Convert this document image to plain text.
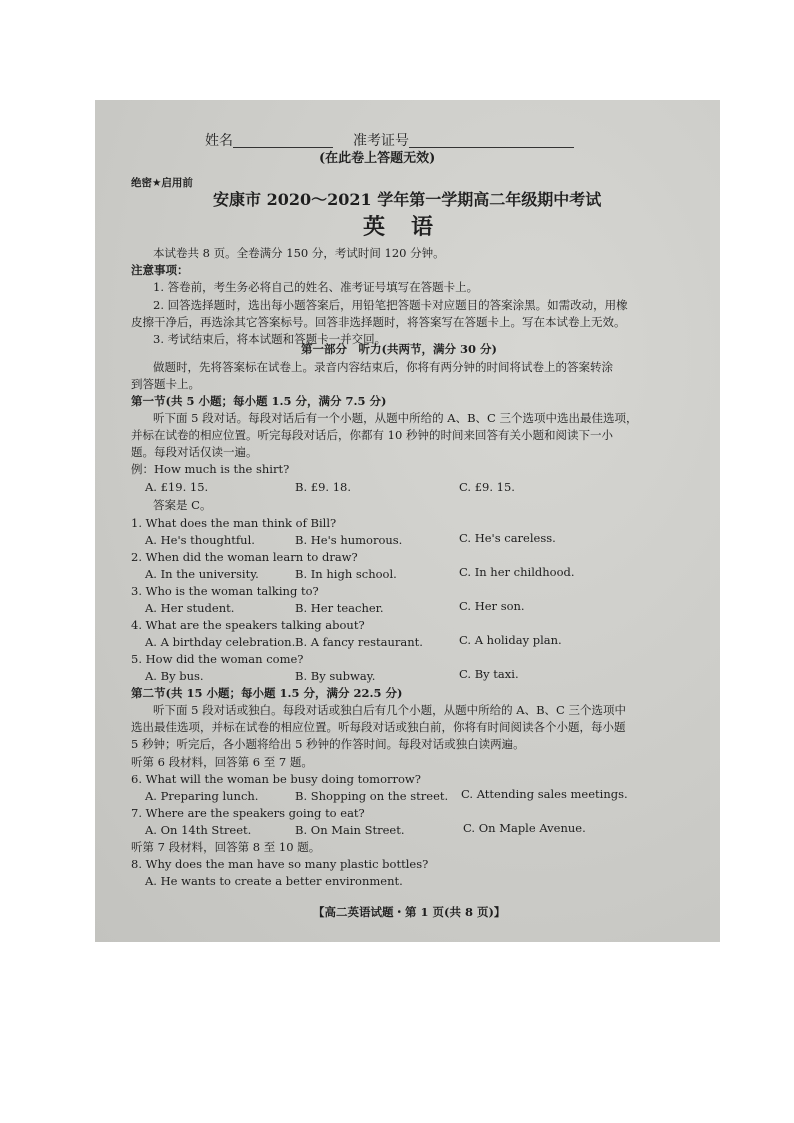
姓名	准考证号
(在此卷上答题无效)
绝密★启用前
安康市 2020～2021 学年第一学期高二年级期中考试
英　语
本试卷共 8 页。全卷满分 150 分，考试时间 120 分钟。
注意事项：
1. 答卷前，考生务必将自己的姓名、准考证号填写在答题卡上。
2. 回答选择题时，选出每小题答案后，用铅笔把答题卡对应题目的答案涂黑。如需改动，用橡
皮擦干净后，再选涂其它答案标号。回答非选择题时，将答案写在答题卡上。写在本试卷上无效。
3. 考试结束后，将本试题和答题卡一并交回。
第一部分　听力(共两节，满分 30 分)
做题时，先将答案标在试卷上。录音内容结束后，你将有两分钟的时间将试卷上的答案转涂
到答题卡上。
第一节(共 5 小题；每小题 1.5 分，满分 7.5 分)
听下面 5 段对话。每段对话后有一个小题，从题中所给的 A、B、C 三个选项中选出最佳选项，
并标在试卷的相应位置。听完每段对话后，你都有 10 秒钟的时间来回答有关小题和阅读下一小
题。每段对话仅读一遍。
例：How much is the shirt?
A. £19. 15.	B. £9. 18.	C. £9. 15.
答案是 C。
1. What does the man think of Bill?
A. He's thoughtful.	B. He's humorous.	C. He's careless.
2. When did the woman learn to draw?
A. In the university.	B. In high school.	C. In her childhood.
3. Who is the woman talking to?
A. Her student.	B. Her teacher.	C. Her son.
4. What are the speakers talking about?
A. A birthday celebration. B. A fancy restaurant.	C. A holiday plan.
5. How did the woman come?
A. By bus.	B. By subway.	C. By taxi.
第二节(共 15 小题；每小题 1.5 分，满分 22.5 分)
听下面 5 段对话或独白。每段对话或独白后有几个小题，从题中所给的 A、B、C 三个选项中
选出最佳选项，并标在试卷的相应位置。听每段对话或独白前，你将有时间阅读各个小题，每小题
5 秒钟；听完后，各小题将给出 5 秒钟的作答时间。每段对话或独白读两遍。
听第 6 段材料，回答第 6 至 7 题。
6. What will the woman be busy doing tomorrow?
A. Preparing lunch.	B. Shopping on the street. C. Attending sales meetings.
7. Where are the speakers going to eat?
A. On 14th Street.	B. On Main Street.	C. On Maple Avenue.
听第 7 段材料，回答第 8 至 10 题。
8. Why does the man have so many plastic bottles?
A. He wants to create a better environment.
【高二英语试题・第 1 页(共 8 页)】
